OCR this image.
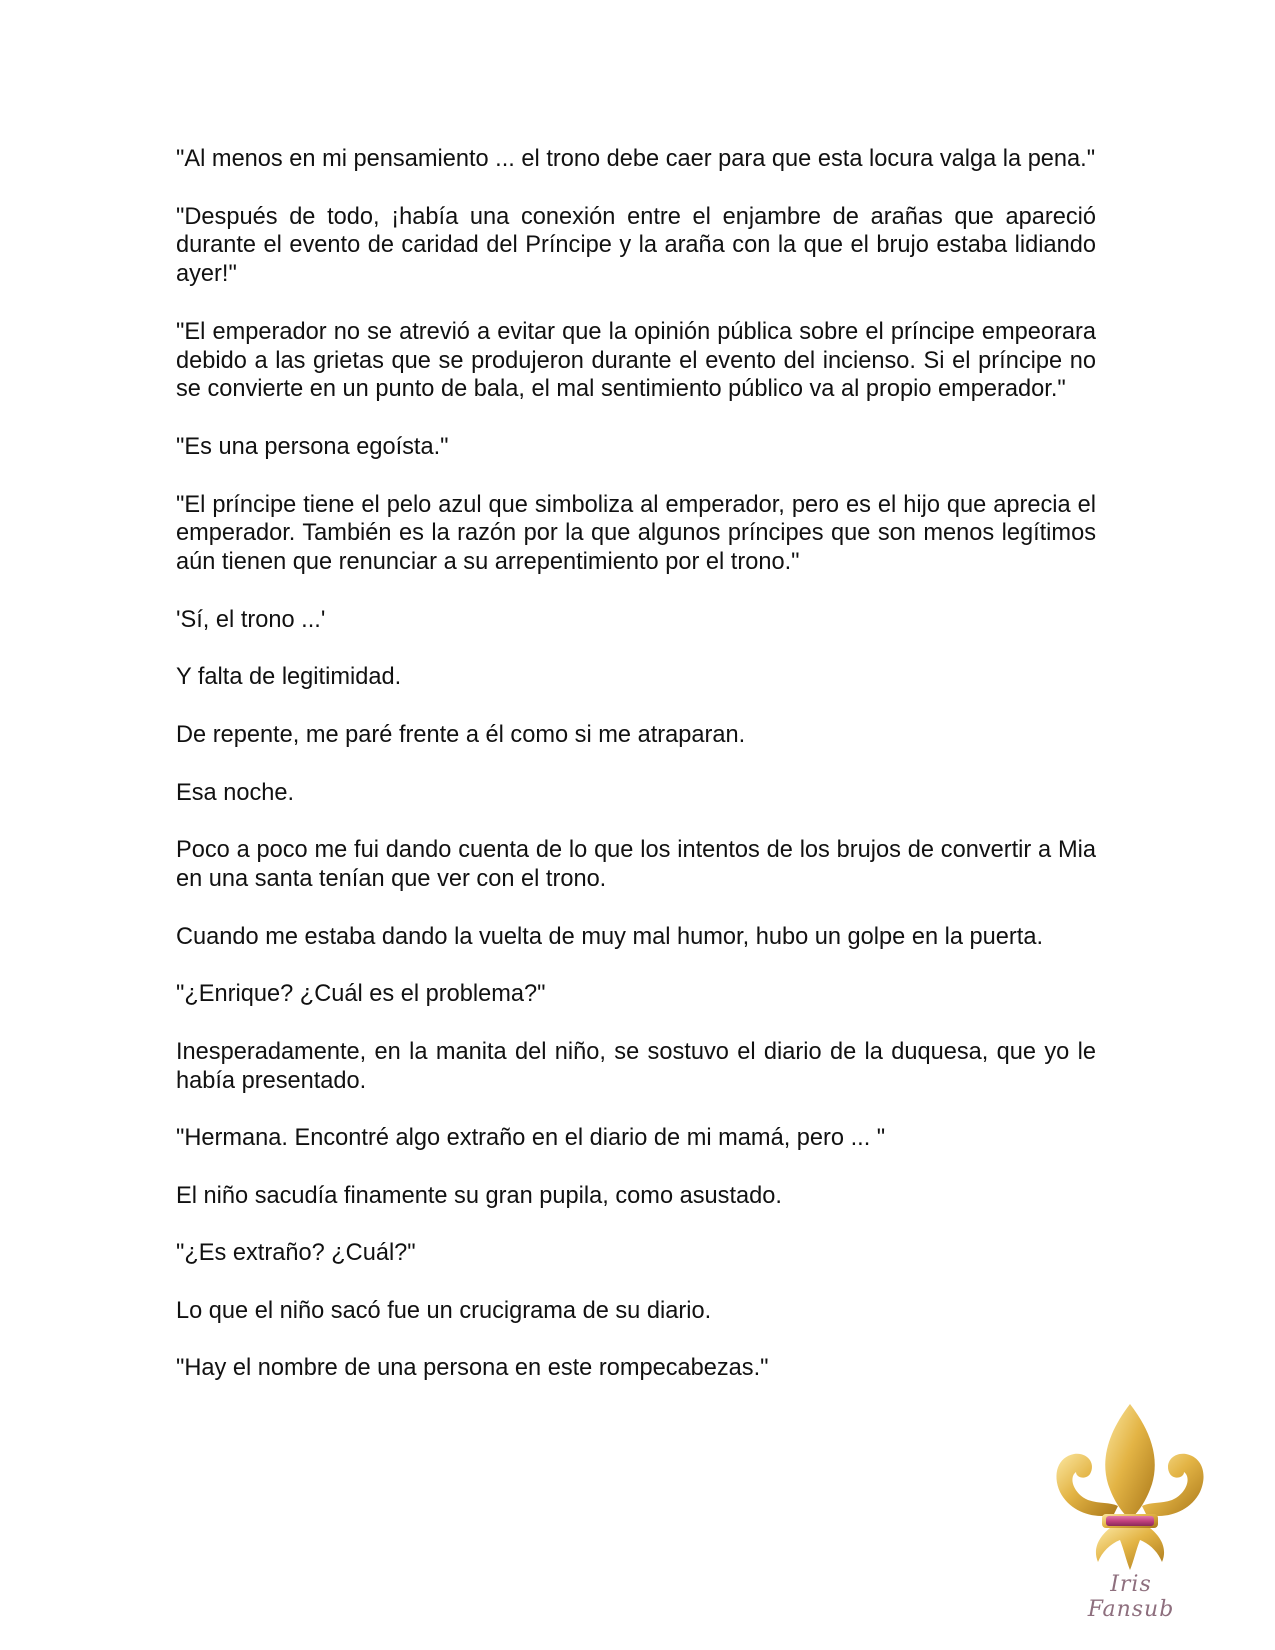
"Al menos en mi pensamiento ... el trono debe caer para que esta locura valga la pena."

"Después de todo, ¡había una conexión entre el enjambre de arañas que apareció durante el evento de caridad del Príncipe y la araña con la que el brujo estaba lidiando ayer!"

"El emperador no se atrevió a evitar que la opinión pública sobre el príncipe empeorara debido a las grietas que se produjeron durante el evento del incienso. Si el príncipe no se convierte en un punto de bala, el mal sentimiento público va al propio emperador."

"Es una persona egoísta."

"El príncipe tiene el pelo azul que simboliza al emperador, pero es el hijo que aprecia el emperador. También es la razón por la que algunos príncipes que son menos legítimos aún tienen que renunciar a su arrepentimiento por el trono."

'Sí, el trono ...'

Y falta de legitimidad.

De repente, me paré frente a él como si me atraparan.

Esa noche.

Poco a poco me fui dando cuenta de lo que los intentos de los brujos de convertir a Mia en una santa tenían que ver con el trono.

Cuando me estaba dando la vuelta de muy mal humor, hubo un golpe en la puerta.

"¿Enrique? ¿Cuál es el problema?"

Inesperadamente, en la manita del niño, se sostuvo el diario de la duquesa, que yo le había presentado.

"Hermana. Encontré algo extraño en el diario de mi mamá, pero ... "

El niño sacudía finamente su gran pupila, como asustado.

"¿Es extraño? ¿Cuál?"

Lo que el niño sacó fue un crucigrama de su diario.

"Hay el nombre de una persona en este rompecabezas."

Iris Fansub
